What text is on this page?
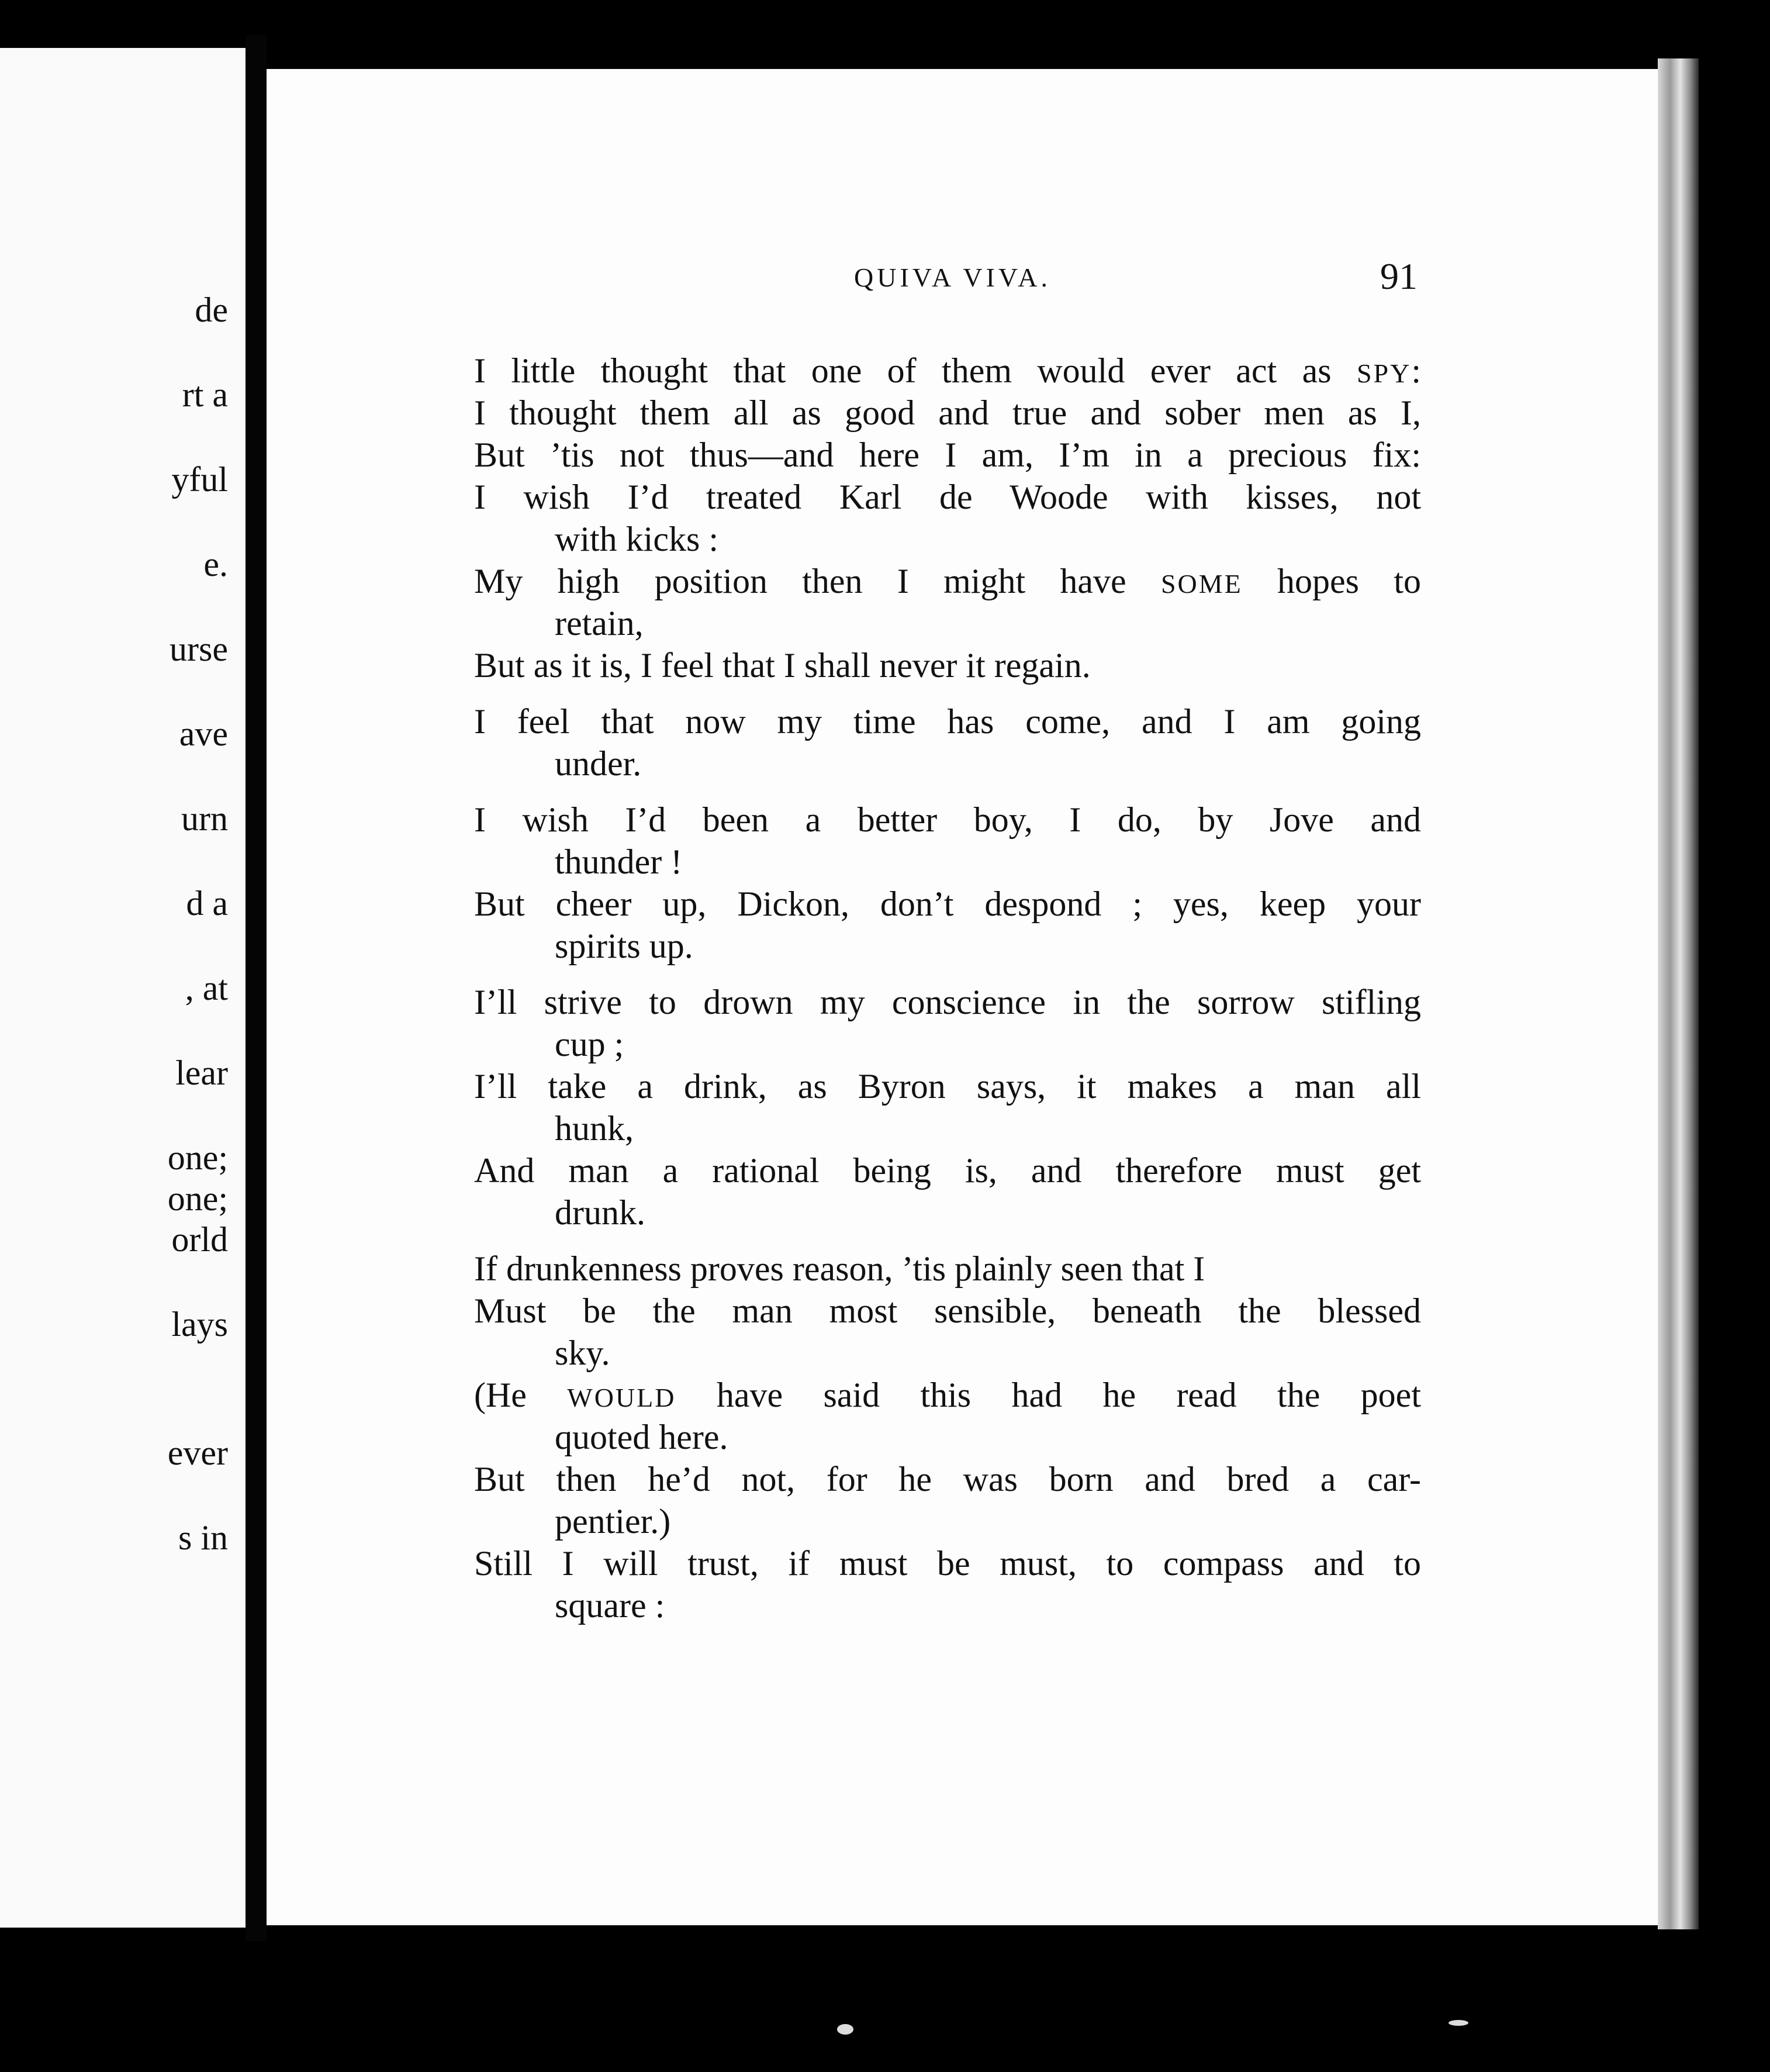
de
rt a
yful
e.
urse
ave
urn
d a
, at
lear
one;
one;
orld
lays
ever
s in
QUIVA VIVA.	91
I little thought that one of them would ever act as SPY:
I thought them all as good and true and sober men as I,
But ’tis not thus—and here I am, I’m in a precious fix:
I wish I’d treated Karl de Woode with kisses, not
with kicks :
My high position then I might have SOME hopes to
retain,
But as it is, I feel that I shall never it regain.
I feel that now my time has come, and I am going
under.
I wish I’d been a better boy, I do, by Jove and
thunder !
But cheer up, Dickon, don’t despond ; yes, keep your
spirits up.
I’ll strive to drown my conscience in the sorrow stifling
cup ;
I’ll take a drink, as Byron says, it makes a man all
hunk,
And man a rational being is, and therefore must get
drunk.
If drunkenness proves reason, ’tis plainly seen that I
Must be the man most sensible, beneath the blessed
sky.
(He WOULD have said this had he read the poet
quoted here.
But then he’d not, for he was born and bred a car-
pentier.)
Still I will trust, if must be must, to compass and to
square :
